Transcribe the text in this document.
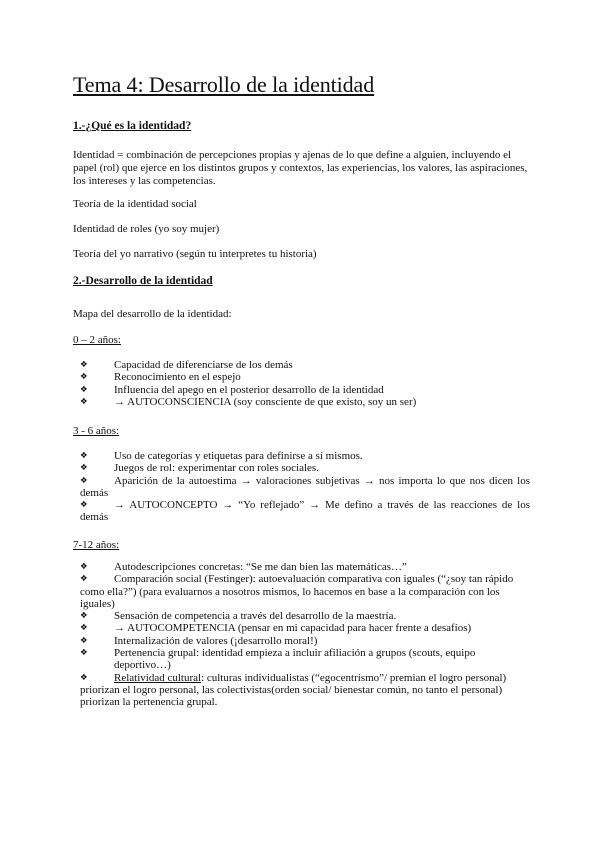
Tema 4: Desarrollo de la identidad
1.-¿Qué es la identidad?

Identidad = combinación de percepciones propias y ajenas de lo que define a alguien, incluyendo el papel (rol) que ejerce en los distintos grupos y contextos, las experiencias, los valores, las aspiraciones, los intereses y las competencias.

Teoría de la identidad social

Identidad de roles (yo soy mujer)

Teoría del yo narrativo (según tu interpretes tu historia)

2.-Desarrollo de la identidad

Mapa del desarrollo de la identidad:

0 – 2 años:

❖	Capacidad de diferenciarse de los demás
❖	Reconocimiento en el espejo
❖	Influencia del apego en el posterior desarrollo de la identidad
❖	→ AUTOCONSCIENCIA (soy consciente de que existo, soy un ser)

3 - 6 años:

❖	Uso de categorías y etiquetas para definirse a sí mismos.
❖	Juegos de rol: experimentar con roles sociales.
❖	Aparición de la autoestima → valoraciones subjetivas → nos importa lo que nos dicen los demás
❖	→ AUTOCONCEPTO → “Yo reflejado” → Me defino a través de las reacciones de los demás

7-12 años:

❖	Autodescripciones concretas: “Se me dan bien las matemáticas…”
❖	Comparación social (Festinger): autoevaluación comparativa con iguales (“¿soy tan rápido como ella?”) (para evaluarnos a nosotros mismos, lo hacemos en base a la comparación con los iguales)
❖	Sensación de competencia a través del desarrollo de la maestría.
❖	→ AUTOCOMPETENCIA (pensar en mi capacidad para hacer frente a desafíos)
❖	Internalización de valores (¡desarrollo moral!)
❖	Pertenencia grupal: identidad empieza a incluir afiliación a grupos (scouts, equipo deportivo…)
❖	Relatividad cultural: culturas individualistas (“egocentrismo”/ premian el logro personal) priorizan el logro personal, las colectivistas(orden social/ bienestar común, no tanto el personal) priorizan la pertenencia grupal.
